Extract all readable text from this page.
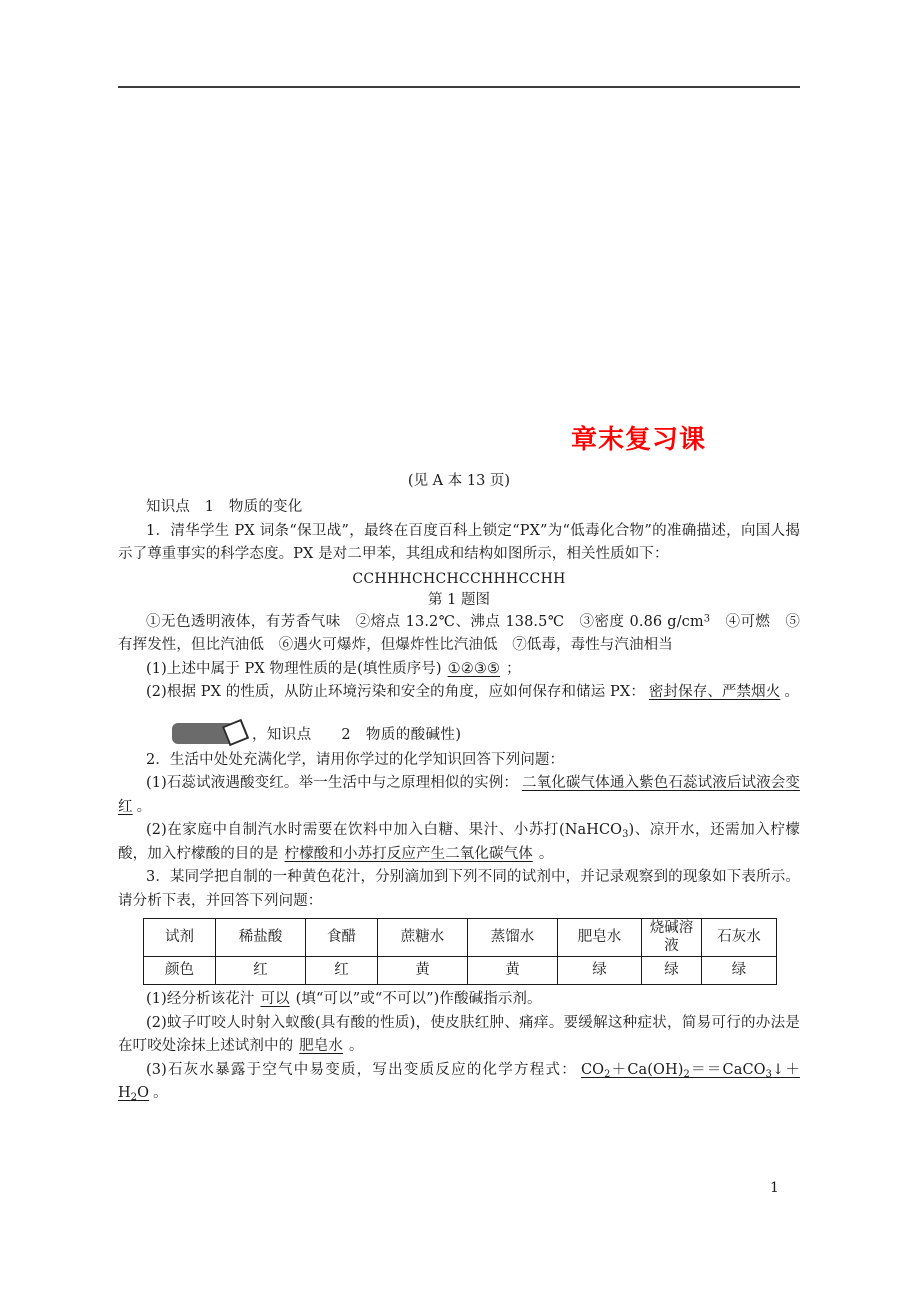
章末复习课
(见 A 本 13 页)
知识点　1　物质的变化

1．清华学生 PX 词条“保卫战”，最终在百度百科上锁定“PX”为“低毒化合物”的准确描述，向国人揭示了尊重事实的科学态度。PX 是对二甲苯，其组成和结构如图所示，相关性质如下：

CCHHHCHCHCCHHHCCHH
第 1 题图

①无色透明液体，有芳香气味　②熔点 13.2℃、沸点 138.5℃　③密度 0.86 $g/cm^3$　④可燃　⑤有挥发性，但比汽油低　⑥遇火可爆炸，但爆炸性比汽油低　⑦低毒，毒性与汽油相当

(1)上述中属于 PX 物理性质的是(填性质序号) ①②③⑤ ；

(2)根据 PX 的性质，从防止环境污染和安全的角度，应如何保存和储运 PX： 密封保存、严禁烟火 。

，知识点　　2　物质的酸碱性)

2．生活中处处充满化学，请用你学过的化学知识回答下列问题：

(1)石蕊试液遇酸变红。举一生活中与之原理相似的实例： 二氧化碳气体通入紫色石蕊试液后试液会变红 。

(2)在家庭中自制汽水时需要在饮料中加入白糖、果汁、小苏打(NaHCO$_3$)、凉开水，还需加入柠檬酸，加入柠檬酸的目的是 柠檬酸和小苏打反应产生二氧化碳气体 。

3．某同学把自制的一种黄色花汁，分别滴加到下列不同的试剂中，并记录观察到的现象如下表所示。请分析下表，并回答下列问题：

试剂	稀盐酸	食醋	蔗糖水	蒸馏水	肥皂水	烧碱溶液	石灰水
颜色	红	红	黄	黄	绿	绿	绿

(1)经分析该花汁 可以 (填“可以”或“不可以”)作酸碱指示剂。

(2)蚊子叮咬人时射入蚁酸(具有酸的性质)，使皮肤红肿、痛痒。要缓解这种症状，简易可行的办法是在叮咬处涂抹上述试剂中的 肥皂水 。

(3)石灰水暴露于空气中易变质，写出变质反应的化学方程式： $CO_2+Ca(OH)_2==CaCO_3↓+H_2O$ 。

1
